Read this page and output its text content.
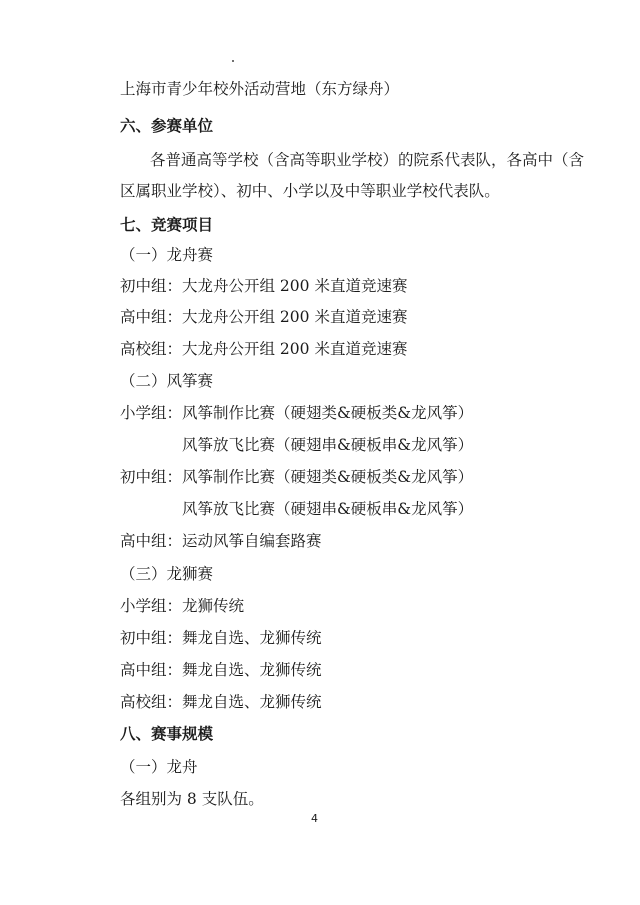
上海市青少年校外活动营地（东方绿舟）
六、参赛单位
各普通高等学校（含高等职业学校）的院系代表队，各高中（含
区属职业学校）、初中、小学以及中等职业学校代表队。
七、竞赛项目
（一）龙舟赛
初中组：大龙舟公开组 200 米直道竞速赛
高中组：大龙舟公开组 200 米直道竞速赛
高校组：大龙舟公开组 200 米直道竞速赛
（二）风筝赛
小学组：风筝制作比赛（硬翅类&硬板类&龙风筝）
风筝放飞比赛（硬翅串&硬板串&龙风筝）
初中组：风筝制作比赛（硬翅类&硬板类&龙风筝）
风筝放飞比赛（硬翅串&硬板串&龙风筝）
高中组：运动风筝自编套路赛
（三）龙狮赛
小学组：龙狮传统
初中组：舞龙自选、龙狮传统
高中组：舞龙自选、龙狮传统
高校组：舞龙自选、龙狮传统
八、赛事规模
（一）龙舟
各组别为 8 支队伍。
4
